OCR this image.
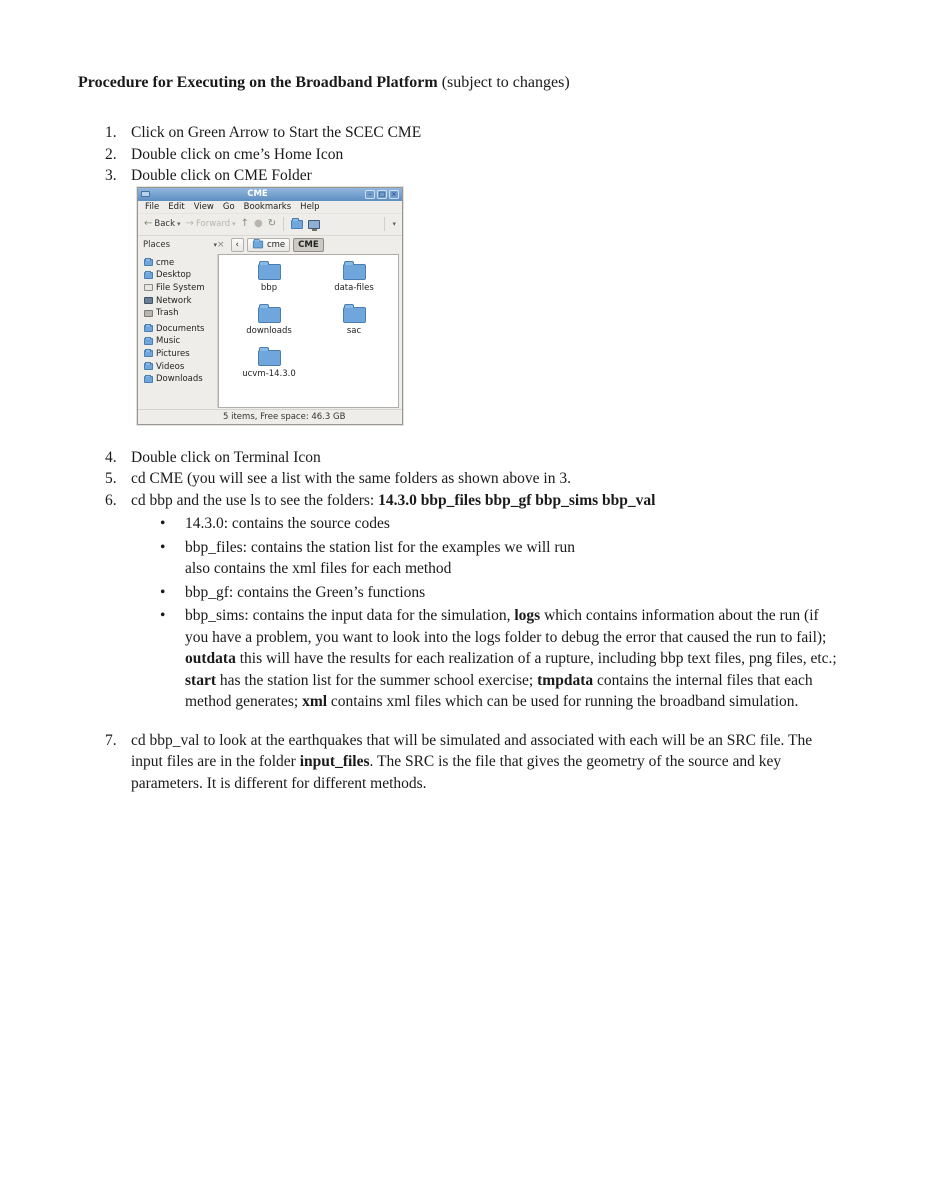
Procedure for Executing on the Broadband Platform (subject to changes)

1. Click on Green Arrow to Start the SCEC CME
2. Double click on cme’s Home Icon
3. Double click on CME Folder
CME	–	□ ×
File Edit View Go Bookmarks Help
← Back ▾ → Forward ▾ ↑ ● ↻	▾
Places	▾ ×	‹	cme CME
cme
Desktop
File System
Network
Trash
Documents
Music
Pictures
Videos
Downloads
bbp	data-files
downloads	sac
ucvm-14.3.0
5 items, Free space: 46.3 GB
4. Double click on Terminal Icon
5. cd CME (you will see a list with the same folders as shown above in 3.
6. cd bbp and the use ls to see the folders: 14.3.0 bbp_files bbp_gf bbp_sims bbp_val
•	14.3.0: contains the source codes
•	bbp_files: contains the station list for the examples we will run
also contains the xml files for each method
•	bbp_gf: contains the Green’s functions
•	bbp_sims: contains the input data for the simulation, logs which contains information about the run (if you have a problem, you want to look into the logs folder to debug the error that caused the run to fail); outdata this will have the results for each realization of a rupture, including bbp text files, png files, etc.; start has the station list for the summer school exercise; tmpdata contains the internal files that each method generates; xml contains xml files which can be used for running the broadband simulation.
7. cd bbp_val to look at the earthquakes that will be simulated and associated with each will be an SRC file. The input files are in the folder input_files. The SRC is the file that gives the geometry of the source and key parameters. It is different for different methods.
